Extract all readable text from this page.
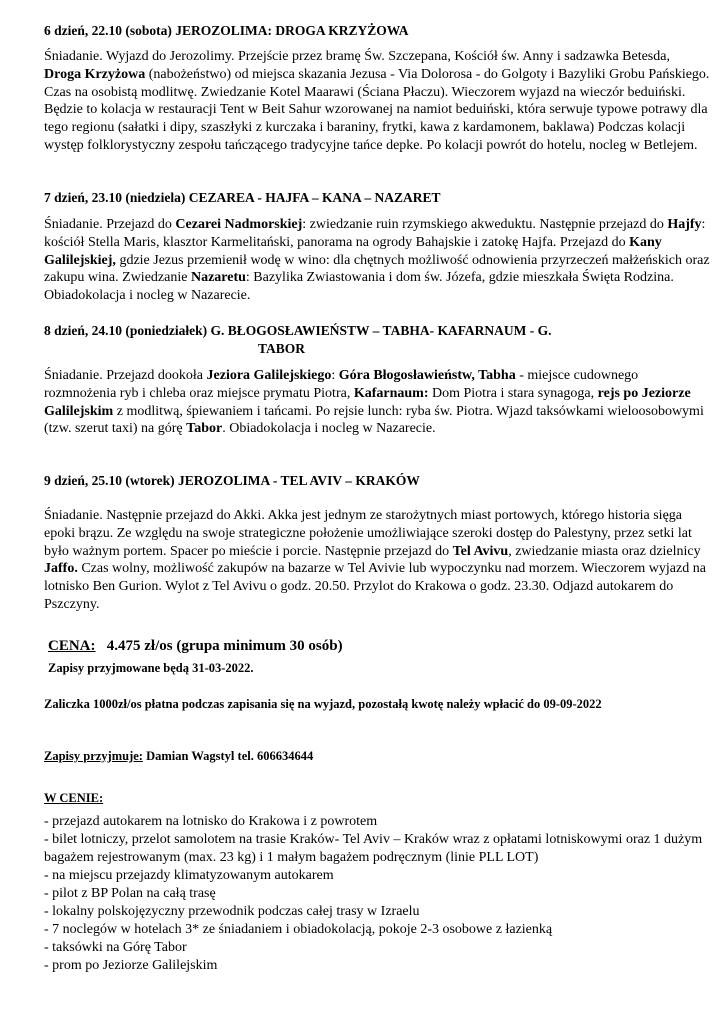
6 dzień, 22.10 (sobota) JEROZOLIMA: DROGA KRZYŻOWA

Śniadanie. Wyjazd do Jerozolimy. Przejście przez bramę Św. Szczepana, Kościół św. Anny i sadzawka Betesda, Droga Krzyżowa (nabożeństwo) od miejsca skazania Jezusa - Via Dolorosa - do Golgoty i Bazyliki Grobu Pańskiego. Czas na osobistą modlitwę. Zwiedzanie Kotel Maarawi (Ściana Płaczu). Wieczorem wyjazd na wieczór beduiński. Będzie to kolacja w restauracji Tent w Beit Sahur wzorowanej na namiot beduiński, która serwuje typowe potrawy dla tego regionu (sałatki i dipy, szaszłyki z kurczaka i baraniny, frytki, kawa z kardamonem, baklawa) Podczas kolacji występ folklorystyczny zespołu tańczącego tradycyjne tańce depke. Po kolacji powrót do hotelu, nocleg w Betlejem.

7 dzień, 23.10 (niedziela) CEZAREA - HAJFA – KANA – NAZARET

Śniadanie. Przejazd do Cezarei Nadmorskiej: zwiedzanie ruin rzymskiego akweduktu. Następnie przejazd do Hajfy: kościół Stella Maris, klasztor Karmelitański, panorama na ogrody Bahajskie i zatokę Hajfa. Przejazd do Kany Galilejskiej, gdzie Jezus przemienił wodę w wino: dla chętnych możliwość odnowienia przyrzeczeń małżeńskich oraz zakupu wina. Zwiedzanie Nazaretu: Bazylika Zwiastowania i dom św. Józefa, gdzie mieszkała Święta Rodzina. Obiadokolacja i nocleg w Nazarecie.

8 dzień, 24.10 (poniedziałek) G. BŁOGOSŁAWIEŃSTW – TABHA- KAFARNAUM - G.
TABOR

Śniadanie. Przejazd dookoła Jeziora Galilejskiego: Góra Błogosławieństw, Tabha - miejsce cudownego rozmnożenia ryb i chleba oraz miejsce prymatu Piotra, Kafarnaum: Dom Piotra i stara synagoga, rejs po Jeziorze Galilejskim z modlitwą, śpiewaniem i tańcami. Po rejsie lunch: ryba św. Piotra. Wjazd taksówkami wieloosobowymi (tzw. szerut taxi) na górę Tabor. Obiadokolacja i nocleg w Nazarecie.

9 dzień, 25.10 (wtorek) JEROZOLIMA - TEL AVIV – KRAKÓW

Śniadanie. Następnie przejazd do Akki. Akka jest jednym ze starożytnych miast portowych, którego historia sięga epoki brązu. Ze względu na swoje strategiczne położenie umożliwiające szeroki dostęp do Palestyny, przez setki lat było ważnym portem. Spacer po mieście i porcie. Następnie przejazd do Tel Avivu, zwiedzanie miasta oraz dzielnicy Jaffo. Czas wolny, możliwość zakupów na bazarze w Tel Avivie lub wypoczynku nad morzem. Wieczorem wyjazd na lotnisko Ben Gurion. Wylot z Tel Avivu o godz. 20.50. Przylot do Krakowa o godz. 23.30. Odjazd autokarem do Pszczyny.

CENA: 4.475 zł/os (grupa minimum 30 osób)
Zapisy przyjmowane będą 31-03-2022.
Zaliczka 1000zł/os płatna podczas zapisania się na wyjazd, pozostałą kwotę należy wpłacić do 09-09-2022
Zapisy przyjmuje: Damian Wagstyl tel. 606634644
W CENIE:
- przejazd autokarem na lotnisko do Krakowa i z powrotem
- bilet lotniczy, przelot samolotem na trasie Kraków- Tel Aviv – Kraków wraz z opłatami lotniskowymi oraz 1 dużym bagażem rejestrowanym (max. 23 kg) i 1 małym bagażem podręcznym (linie PLL LOT)
- na miejscu przejazdy klimatyzowanym autokarem
- pilot z BP Polan na całą trasę
- lokalny polskojęzyczny przewodnik podczas całej trasy w Izraelu
- 7 noclegów w hotelach 3* ze śniadaniem i obiadokolacją, pokoje 2-3 osobowe z łazienką
- taksówki na Górę Tabor
- prom po Jeziorze Galilejskim
